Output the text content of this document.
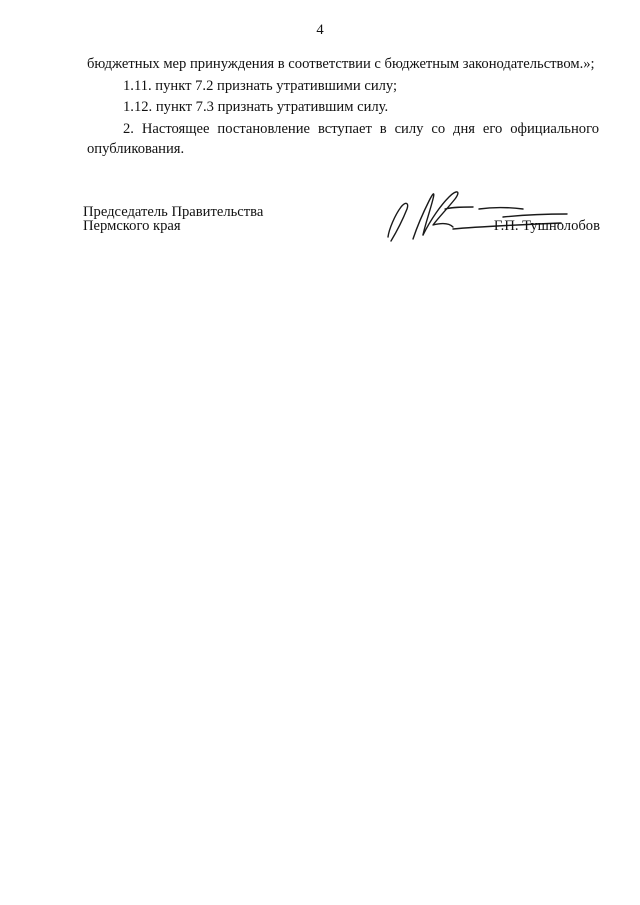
4

бюджетных мер принуждения в соответствии с бюджетным законодательством.»;

1.11. пункт 7.2 признать утратившими силу;

1.12. пункт 7.3 признать утратившим силу.

2. Настоящее постановление вступает в силу со дня его официального опубликования.

Председатель Правительства
Пермского края	Г.П. Тушнолобов
